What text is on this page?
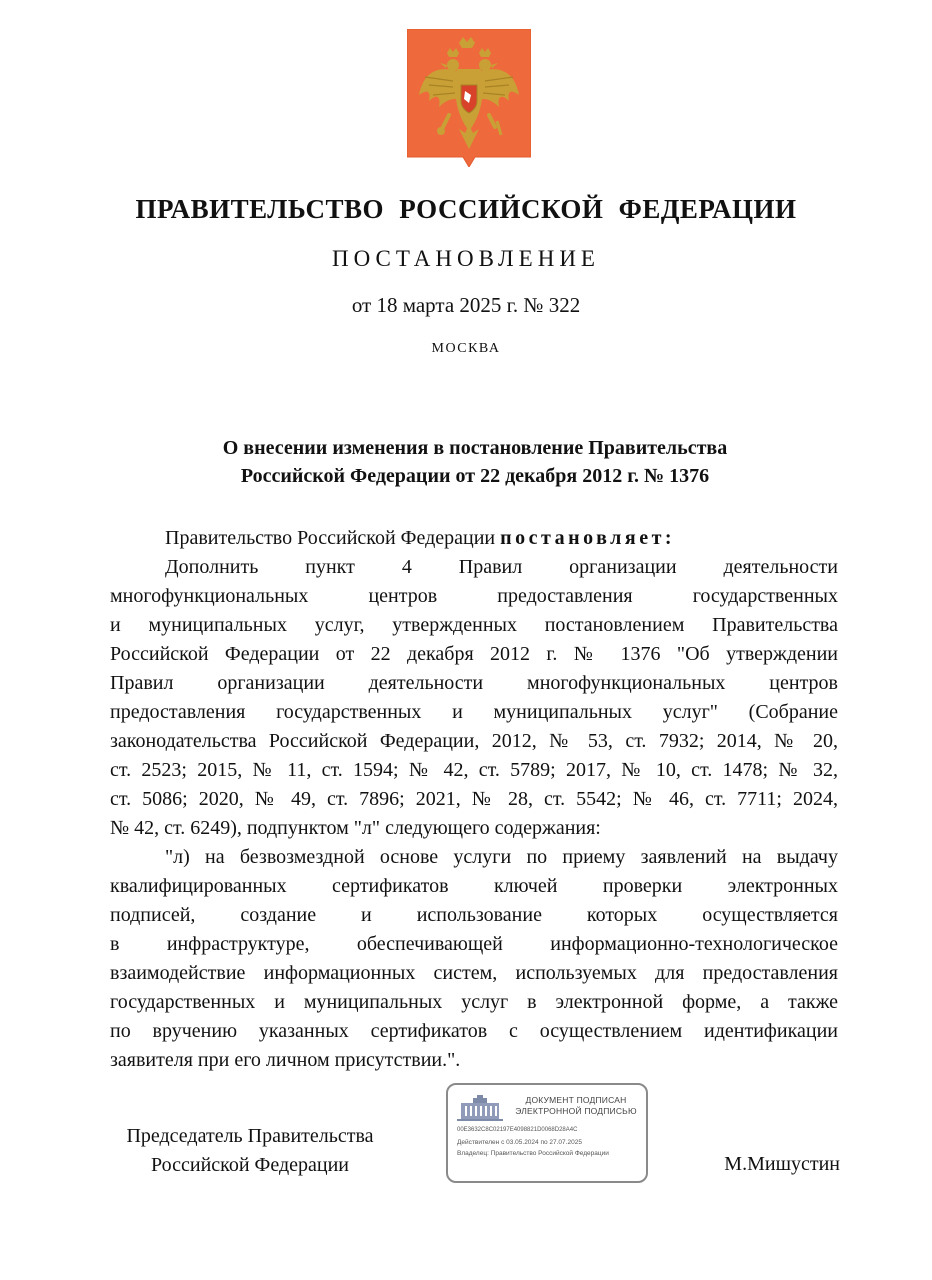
ПРАВИТЕЛЬСТВО РОССИЙСКОЙ ФЕДЕРАЦИИ
ПОСТАНОВЛЕНИЕ
от 18 марта 2025 г. № 322
МОСКВА
О внесении изменения в постановление Правительства
Российской Федерации от 22 декабря 2012 г. № 1376
Правительство Российской Федерации постановляет:
Дополнить пункт 4 Правил организации деятельности
многофункциональных центров предоставления государственных
и муниципальных услуг, утвержденных постановлением Правительства
Российской Федерации от 22 декабря 2012 г. № 1376 "Об утверждении
Правил организации деятельности многофункциональных центров
предоставления государственных и муниципальных услуг" (Собрание
законодательства Российской Федерации, 2012, № 53, ст. 7932; 2014, № 20,
ст. 2523; 2015, № 11, ст. 1594; № 42, ст. 5789; 2017, № 10, ст. 1478; № 32,
ст. 5086; 2020, № 49, ст. 7896; 2021, № 28, ст. 5542; № 46, ст. 7711; 2024,
№ 42, ст. 6249), подпунктом "л" следующего содержания:
"л) на безвозмездной основе услуги по приему заявлений на выдачу
квалифицированных сертификатов ключей проверки электронных
подписей, создание и использование которых осуществляется
в инфраструктуре, обеспечивающей информационно-технологическое
взаимодействие информационных систем, используемых для предоставления
государственных и муниципальных услуг в электронной форме, а также
по вручению указанных сертификатов с осуществлением идентификации
заявителя при его личном присутствии.".
Председатель Правительства
Российской Федерации
ДОКУМЕНТ ПОДПИСАН
ЭЛЕКТРОННОЙ ПОДПИСЬЮ
00E3632C8C02197E4098821D0068D28A4C
Действителен с 03.05.2024 по 27.07.2025
Владелец: Правительство Российской Федерации	М.Мишустин
